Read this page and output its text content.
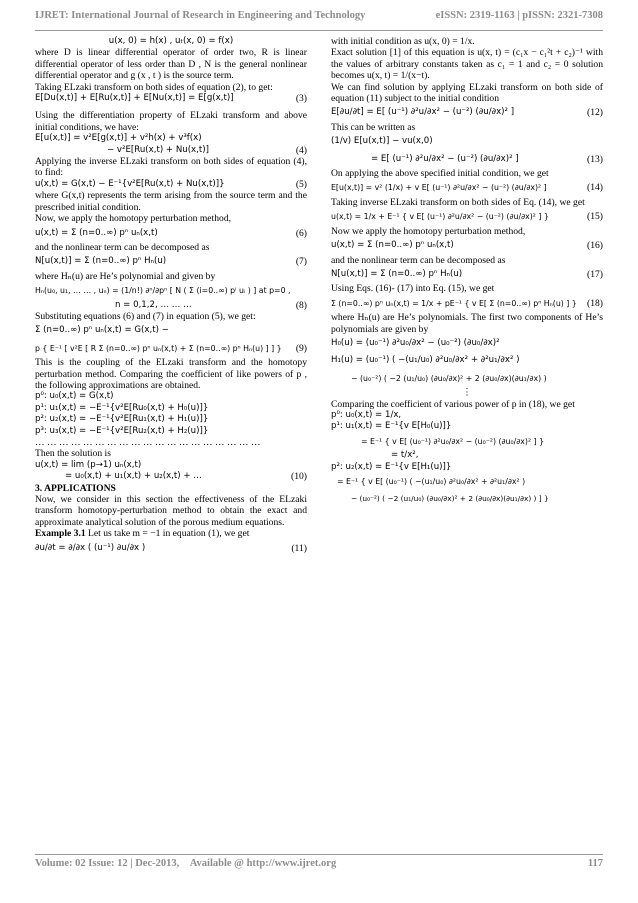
IJRET: International Journal of Research in Engineering and Technology	eISSN: 2319-1163 | pISSN: 2321-7308
u(x, 0) = h(x) , uₜ(x, 0) = f(x)
where D is linear differential operator of order two, R is linear differential operator of less order than D , N is the general nonlinear differential operator and g (x , t ) is the source term.
Taking ELzaki transform on both sides of equation (2), to get:
E[Du(x,t)] + E[Ru(x,t)] + E[Nu(x,t)] = E[g(x,t)]	(3)
Using the differentiation property of ELzaki transform and above initial conditions, we have:
E[u(x,t)] = v²E[g(x,t)] + v²h(x) + v³f(x)
− v²E[Ru(x,t) + Nu(x,t)]	(4)
Applying the inverse ELzaki transform on both sides of equation (4), to find:
u(x,t) = G(x,t) − E⁻¹{v²E[Ru(x,t) + Nu(x,t)]}	(5)
where G(x,t) represents the term arising from the source term and the prescribed initial condition.
Now, we apply the homotopy perturbation method,
u(x,t) = Σ (n=0..∞) pⁿ uₙ(x,t)	(6)
and the nonlinear term can be decomposed as
N[u(x,t)] = Σ (n=0..∞) pⁿ Hₙ(u)	(7)
where Hₙ(u) are He’s polynomial and given by
Hₙ(u₀, u₁, … … , uₙ) = (1/n!) ∂ⁿ/∂pⁿ [ N ( Σ (i=0..∞) pⁱ uᵢ ) ] at p=0 ,
n = 0,1,2, … … …	(8)
Substituting equations (6) and (7) in equation (5), we get:
Σ (n=0..∞) pⁿ uₙ(x,t) = G(x,t) −
p { E⁻¹ [ v²E [ R Σ (n=0..∞) pⁿ uₙ(x,t) + Σ (n=0..∞) pⁿ Hₙ(u) ] ] }	(9)
This is the coupling of the ELzaki transform and the homotopy perturbation method. Comparing the coefficient of like powers of p , the following approximations are obtained.
p⁰: u₀(x,t) = G(x,t)
p¹: u₁(x,t) = −E⁻¹{v²E[Ru₀(x,t) + H₀(u)]}
p²: u₂(x,t) = −E⁻¹{v²E[Ru₁(x,t) + H₁(u)]}
p³: u₃(x,t) = −E⁻¹{v²E[Ru₂(x,t) + H₂(u)]}
… … … … … … … … … … … … … … … … … … …
Then the solution is
u(x,t) = lim (p→1) uₙ(x,t)
= u₀(x,t) + u₁(x,t) + u₂(x,t) + …	(10)
3. APPLICATIONS
Now, we consider in this section the effectiveness of the ELzaki transform homotopy-perturbation method to obtain the exact and approximate analytical solution of the porous medium equations.
Example 3.1 Let us take m = −1 in equation (1), we get
∂u/∂t = ∂/∂x ( (u⁻¹) ∂u/∂x )	(11)
with initial condition as u(x, 0) = 1/x.
Exact solution [1] of this equation is u(x, t) = (c₁x − c₁²t + c₂)⁻¹ with the values of arbitrary constants taken as c₁ = 1 and c₂ = 0 solution becomes u(x, t) = 1/(x−t).
We can find solution by applying ELzaki transform on both side of equation (11) subject to the initial condition
E[∂u/∂t] = E[ (u⁻¹) ∂²u/∂x² − (u⁻²) (∂u/∂x)² ]	(12)
This can be written as
(1/v) E[u(x,t)] − vu(x,0)
= E[ (u⁻¹) ∂²u/∂x² − (u⁻²) (∂u/∂x)² ]	(13)
On applying the above specified initial condition, we get
E[u(x,t)] = v² (1/x) + v E[ (u⁻¹) ∂²u/∂x² − (u⁻²) (∂u/∂x)² ]	(14)
Taking inverse ELzaki transform on both sides of Eq. (14), we get
u(x,t) = 1/x + E⁻¹ { v E[ (u⁻¹) ∂²u/∂x² − (u⁻²) (∂u/∂x)² ] }	(15)
Now we apply the homotopy perturbation method,
u(x,t) = Σ (n=0..∞) pⁿ uₙ(x,t)	(16)
and the nonlinear term can be decomposed as
N[u(x,t)] = Σ (n=0..∞) pⁿ Hₙ(u)	(17)
Using Eqs. (16)- (17) into Eq. (15), we get
Σ (n=0..∞) pⁿ uₙ(x,t) = 1/x + pE⁻¹ { v E[ Σ (n=0..∞) pⁿ Hₙ(u) ] }	(18)
where Hₙ(u) are He’s polynomials. The first two components of He’s polynomials are given by
H₀(u) = (u₀⁻¹) ∂²u₀/∂x² − (u₀⁻²) (∂u₀/∂x)²
H₁(u) = (u₀⁻¹) ( −(u₁/u₀) ∂²u₀/∂x² + ∂²u₁/∂x² )
− (u₀⁻²) ( −2 (u₁/u₀) (∂u₀/∂x)² + 2 (∂u₀/∂x)(∂u₁/∂x) )
⋮
Comparing the coefficient of various power of p in (18), we get
p⁰: u₀(x,t) = 1/x,
p¹: u₁(x,t) = E⁻¹{v E[H₀(u)]}
= E⁻¹ { v E[ (u₀⁻¹) ∂²u₀/∂x² − (u₀⁻²) (∂u₀/∂x)² ] }
= t/x²,
p²: u₂(x,t) = E⁻¹{v E[H₁(u)]}
= E⁻¹ { v E[ (u₀⁻¹) ( −(u₁/u₀) ∂²u₀/∂x² + ∂²u₁/∂x² )
− (u₀⁻²) ( −2 (u₁/u₀) (∂u₀/∂x)² + 2 (∂u₀/∂x)(∂u₁/∂x) ) ] }
Volume: 02 Issue: 12 | Dec-2013, Available @ http://www.ijret.org	117
